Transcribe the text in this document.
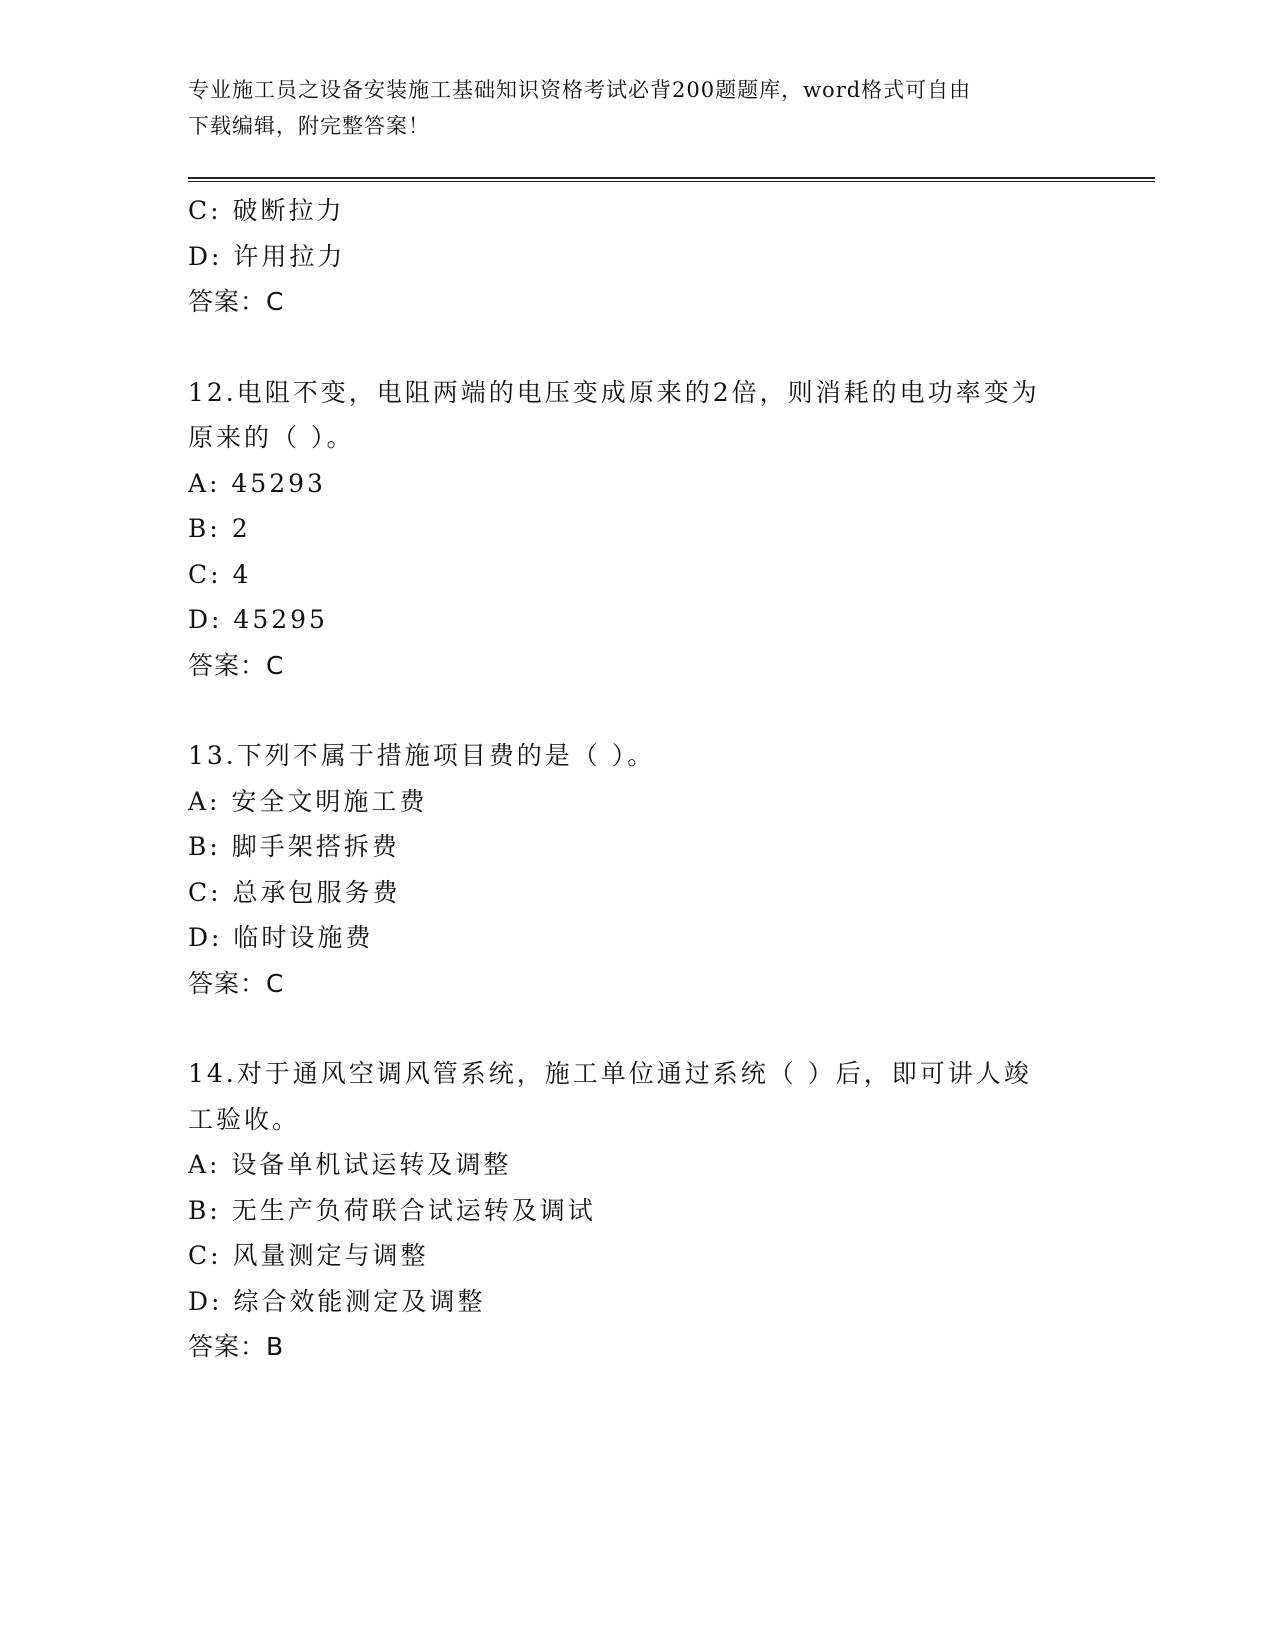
专业施工员之设备安装施工基础知识资格考试必背200题题库，word格式可自由
下载编辑，附完整答案！
C: 破断拉力
D: 许用拉力
答案：C
12.电阻不变，电阻两端的电压变成原来的2倍，则消耗的电功率变为
原来的（ ）。
A: 45293
B: 2
C: 4
D: 45295
答案：C
13.下列不属于措施项目费的是（ ）。
A: 安全文明施工费
B: 脚手架搭拆费
C: 总承包服务费
D: 临时设施费
答案：C
14.对于通风空调风管系统，施工单位通过系统（ ）后，即可讲人竣
工验收。
A: 设备单机试运转及调整
B: 无生产负荷联合试运转及调试
C: 风量测定与调整
D: 综合效能测定及调整
答案：B
